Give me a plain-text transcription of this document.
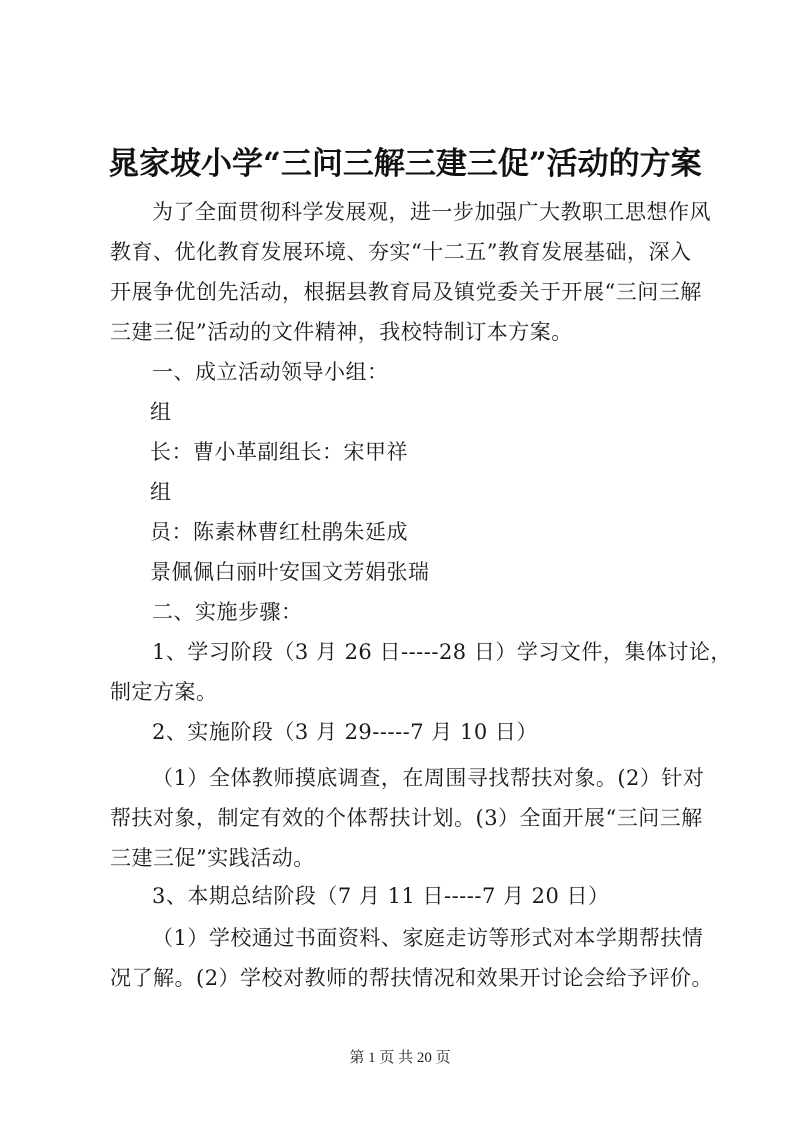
晁家坡小学“三问三解三建三促”活动的方案

为了全面贯彻科学发展观，进一步加强广大教职工思想作风

教育、优化教育发展环境、夯实“十二五”教育发展基础，深入

开展争优创先活动，根据县教育局及镇党委关于开展“三问三解

三建三促”活动的文件精神，我校特制订本方案。

一、成立活动领导小组：

组

长：曹小革副组长：宋甲祥

组

员：陈素林曹红杜鹃朱延成

景佩佩白丽叶安国文芳娟张瑞

二、实施步骤：

1、学习阶段（3 月 26 日-----28 日）学习文件，集体讨论，

制定方案。

2、实施阶段（3 月 29-----7 月 10 日）

（1）全体教师摸底调查，在周围寻找帮扶对象。(2）针对

帮扶对象，制定有效的个体帮扶计划。(3）全面开展“三问三解

三建三促”实践活动。

3、本期总结阶段（7 月 11 日-----7 月 20 日）

（1）学校通过书面资料、家庭走访等形式对本学期帮扶情

况了解。(2）学校对教师的帮扶情况和效果开讨论会给予评价。

第 1 页 共 20 页
